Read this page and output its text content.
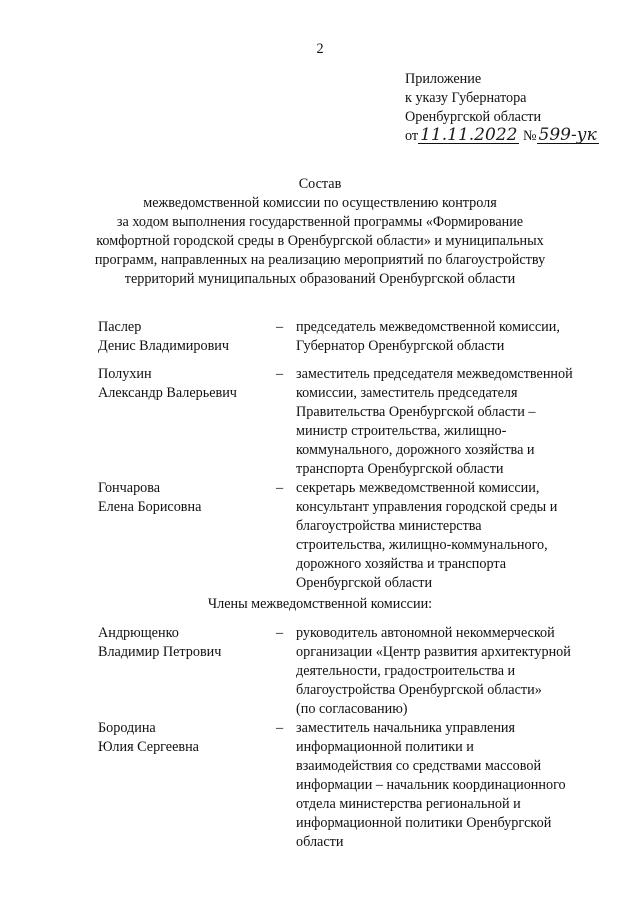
2
Приложение
к указу Губернатора
Оренбургской области
от 11.11.2022 № 599-ук
Состав
межведомственной комиссии по осуществлению контроля
за ходом выполнения государственной программы «Формирование
комфортной городской среды в Оренбургской области» и муниципальных
программ, направленных на реализацию мероприятий по благоустройству
территорий муниципальных образований Оренбургской области
Паслер
Денис Владимирович
– председатель межведомственной комиссии,
Губернатор Оренбургской области
Полухин
Александр Валерьевич
– заместитель председателя межведомственной
комиссии, заместитель председателя
Правительства Оренбургской области –
министр строительства, жилищно-
коммунального, дорожного хозяйства и
транспорта Оренбургской области
Гончарова
Елена Борисовна
– секретарь межведомственной комиссии,
консультант управления городской среды и
благоустройства министерства
строительства, жилищно-коммунального,
дорожного хозяйства и транспорта
Оренбургской области
Члены межведомственной комиссии:
Андрющенко
Владимир Петрович
– руководитель автономной некоммерческой
организации «Центр развития архитектурной
деятельности, градостроительства и
благоустройства Оренбургской области»
(по согласованию)
Бородина
Юлия Сергеевна
– заместитель начальника управления
информационной политики и
взаимодействия со средствами массовой
информации – начальник координационного
отдела министерства региональной и
информационной политики Оренбургской
области
